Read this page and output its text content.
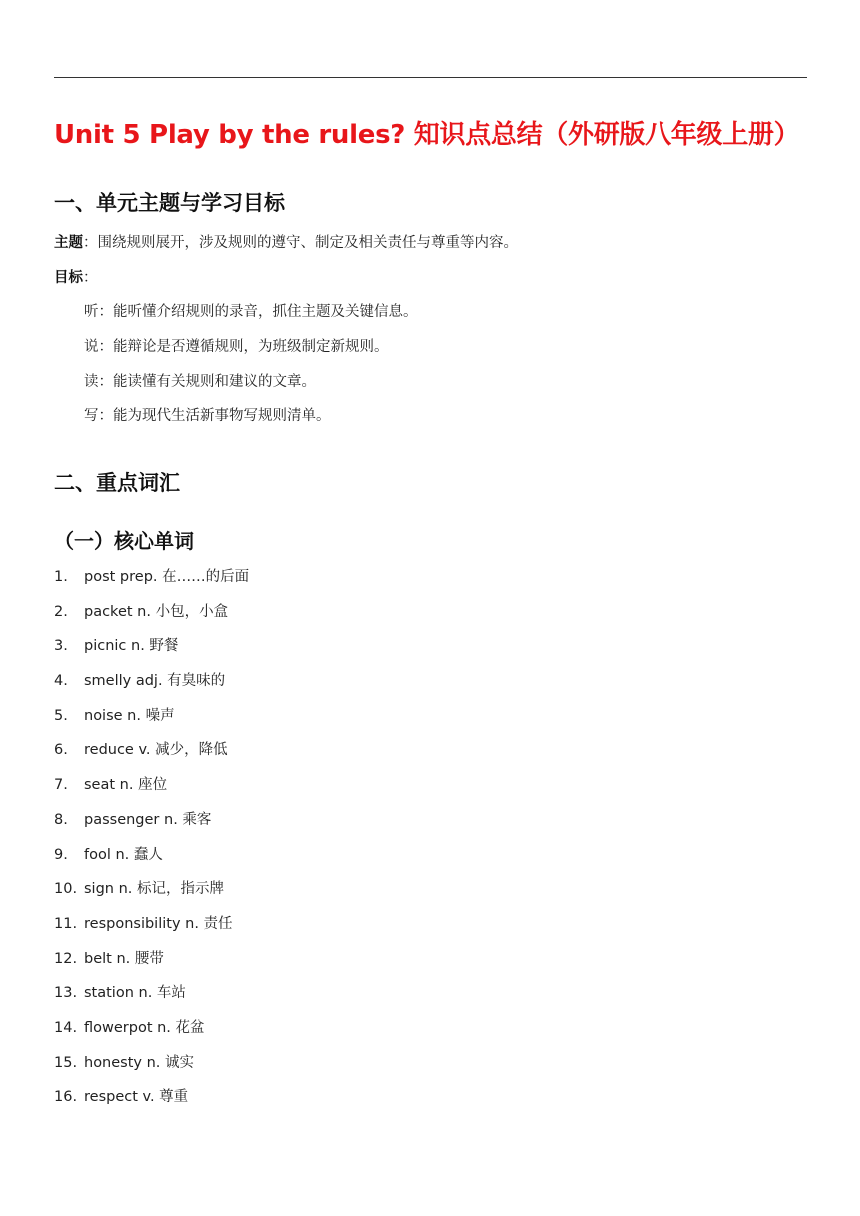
Unit 5 Play by the rules? 知识点总结（外研版八年级上册）
一、单元主题与学习目标
主题：围绕规则展开，涉及规则的遵守、制定及相关责任与尊重等内容。
目标：
听：能听懂介绍规则的录音，抓住主题及关键信息。
说：能辩论是否遵循规则，为班级制定新规则。
读：能读懂有关规则和建议的文章。
写：能为现代生活新事物写规则清单。
二、重点词汇
（一）核心单词
1.	post prep. 在……的后面
2.	packet n. 小包，小盒
3.	picnic n. 野餐
4.	smelly adj. 有臭味的
5.	noise n. 噪声
6.	reduce v. 减少，降低
7.	seat n. 座位
8.	passenger n. 乘客
9.	fool n. 蠢人
10. sign n. 标记，指示牌
11. responsibility n. 责任
12. belt n. 腰带
13. station n. 车站
14. flowerpot n. 花盆
15. honesty n. 诚实
16. respect v. 尊重
